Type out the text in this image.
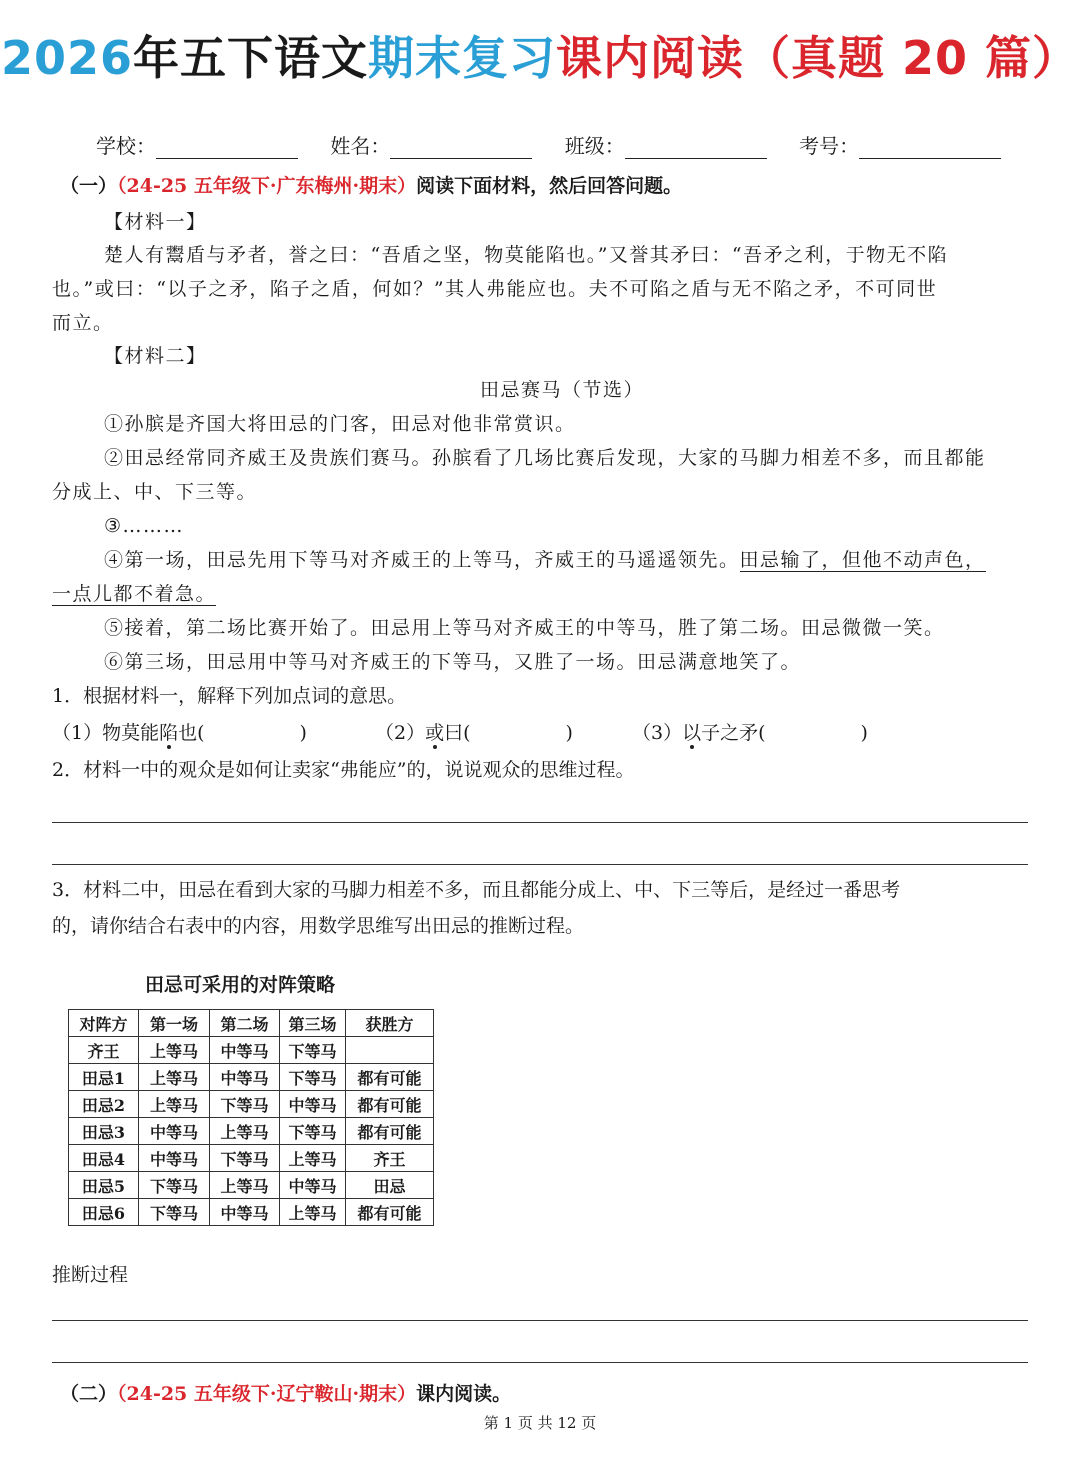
2026年五下语文期末复习课内阅读（真题 20 篇）
学校：	姓名：	班级：	考号：
（一）（24-25 五年级下·广东梅州·期末）阅读下面材料，然后回答问题。
【材料一】
楚人有鬻盾与矛者，誉之曰：“吾盾之坚，物莫能陷也。”又誉其矛曰：“吾矛之利，于物无不陷
也。”或曰：“以子之矛，陷子之盾，何如？”其人弗能应也。夫不可陷之盾与无不陷之矛，不可同世
而立。
【材料二】
田忌赛马（节选）
①孙膑是齐国大将田忌的门客，田忌对他非常赏识。
②田忌经常同齐威王及贵族们赛马。孙膑看了几场比赛后发现，大家的马脚力相差不多，而且都能
分成上、中、下三等。
③………
④第一场，田忌先用下等马对齐威王的上等马，齐威王的马遥遥领先。田忌输了，但他不动声色，
一点儿都不着急。
⑤接着，第二场比赛开始了。田忌用上等马对齐威王的中等马，胜了第二场。田忌微微一笑。
⑥第三场，田忌用中等马对齐威王的下等马，又胜了一场。田忌满意地笑了。
1．根据材料一，解释下列加点词的意思。
（1）物莫能陷也(　　　　　)	（2）或曰(　　　　　)	（3）以子之矛(　　　　　)
2．材料一中的观众是如何让卖家“弗能应”的，说说观众的思维过程。
3．材料二中，田忌在看到大家的马脚力相差不多，而且都能分成上、中、下三等后，是经过一番思考
的，请你结合右表中的内容，用数学思维写出田忌的推断过程。
田忌可采用的对阵策略
对阵方	第一场	第二场	第三场	获胜方
齐王	上等马	中等马	下等马	
田忌1	上等马	中等马	下等马	都有可能
田忌2	上等马	下等马	中等马	都有可能
田忌3	中等马	上等马	下等马	都有可能
田忌4	中等马	下等马	上等马	齐王
田忌5	下等马	上等马	中等马	田忌
田忌6	下等马	中等马	上等马	都有可能
推断过程
（二）（24-25 五年级下·辽宁鞍山·期末）课内阅读。
第 1 页 共 12 页
